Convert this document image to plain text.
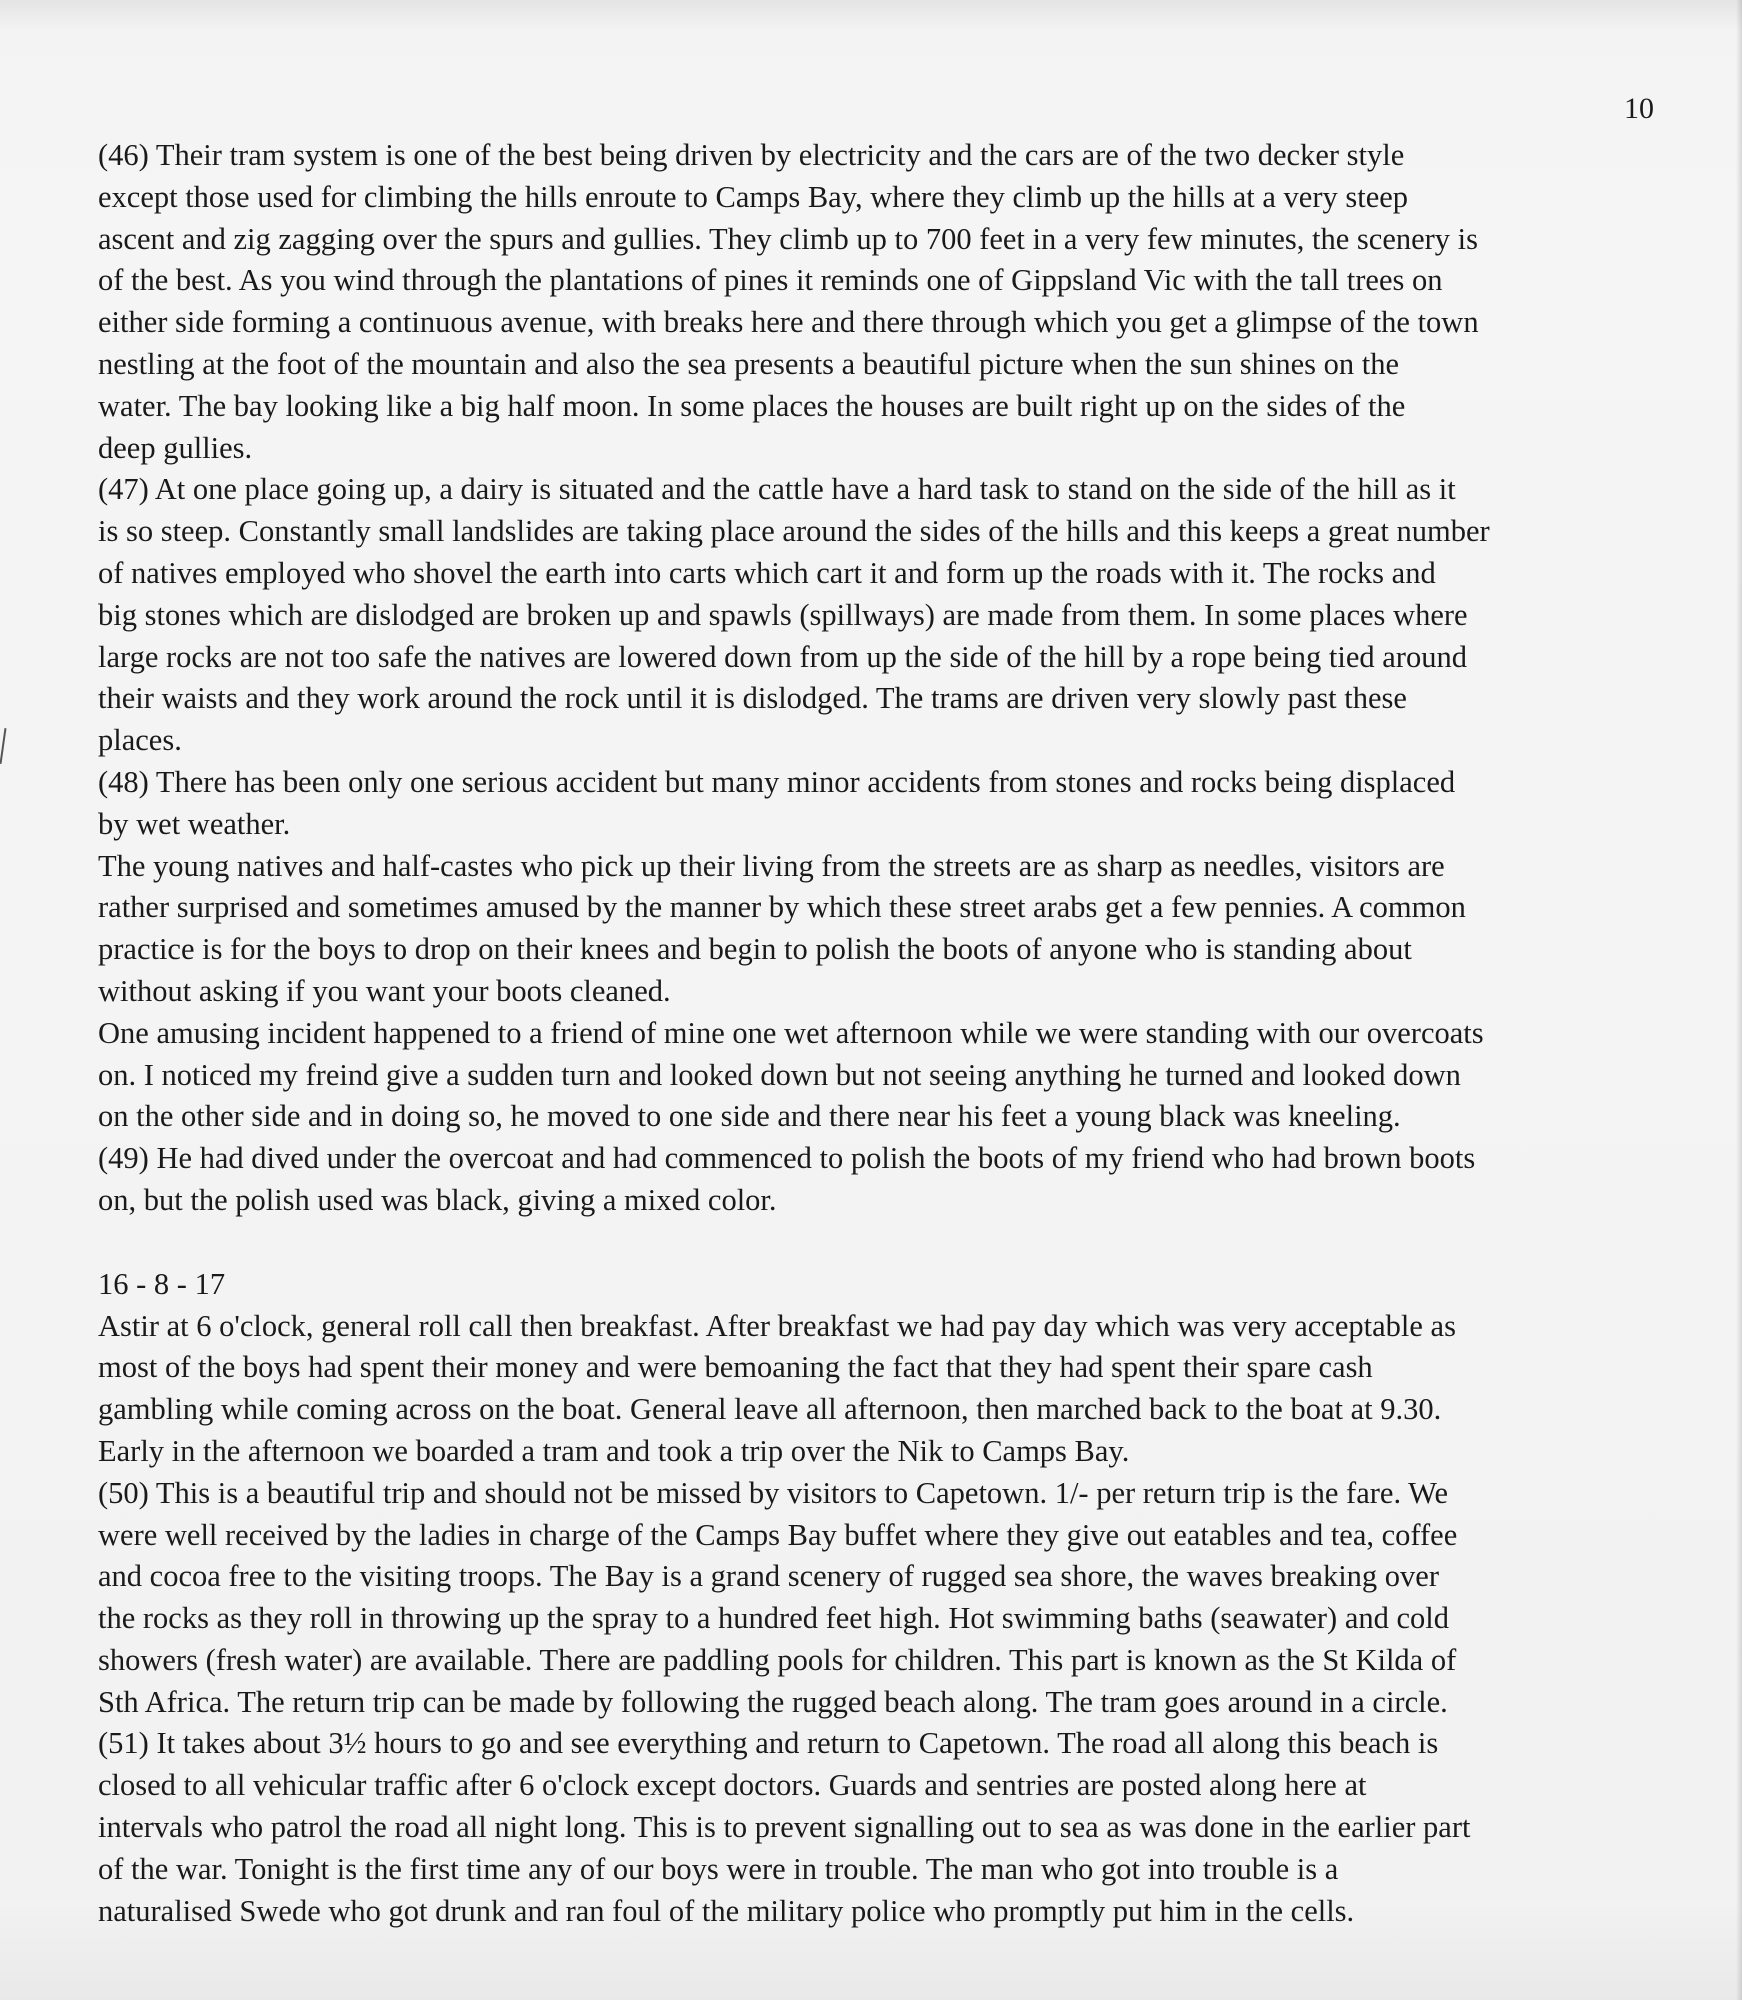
10
(46) Their tram system is one of the best being driven by electricity and the cars are of the two decker style
except those used for climbing the hills enroute to Camps Bay, where they climb up the hills at a very steep
ascent and zig zagging over the spurs and gullies. They climb up to 700 feet in a very few minutes, the scenery is
of the best. As you wind through the plantations of pines it reminds one of Gippsland Vic with the tall trees on
either side forming a continuous avenue, with breaks here and there through which you get a glimpse of the town
nestling at the foot of the mountain and also the sea presents a beautiful picture when the sun shines on the
water. The bay looking like a big half moon. In some places the houses are built right up on the sides of the
deep gullies.
(47) At one place going up, a dairy is situated and the cattle have a hard task to stand on the side of the hill as it
is so steep. Constantly small landslides are taking place around the sides of the hills and this keeps a great number
of natives employed who shovel the earth into carts which cart it and form up the roads with it. The rocks and
big stones which are dislodged are broken up and spawls (spillways) are made from them. In some places where
large rocks are not too safe the natives are lowered down from up the side of the hill by a rope being tied around
their waists and they work around the rock until it is dislodged. The trams are driven very slowly past these
places.
(48) There has been only one serious accident but many minor accidents from stones and rocks being displaced
by wet weather.
The young natives and half-castes who pick up their living from the streets are as sharp as needles, visitors are
rather surprised and sometimes amused by the manner by which these street arabs get a few pennies. A common
practice is for the boys to drop on their knees and begin to polish the boots of anyone who is standing about
without asking if you want your boots cleaned.
One amusing incident happened to a friend of mine one wet afternoon while we were standing with our overcoats
on. I noticed my freind give a sudden turn and looked down but not seeing anything he turned and looked down
on the other side and in doing so, he moved to one side and there near his feet a young black was kneeling.
(49) He had dived under the overcoat and had commenced to polish the boots of my friend who had brown boots
on, but the polish used was black, giving a mixed color.
16 - 8 - 17
Astir at 6 o'clock, general roll call then breakfast. After breakfast we had pay day which was very acceptable as
most of the boys had spent their money and were bemoaning the fact that they had spent their spare cash
gambling while coming across on the boat. General leave all afternoon, then marched back to the boat at 9.30.
Early in the afternoon we boarded a tram and took a trip over the Nik to Camps Bay.
(50) This is a beautiful trip and should not be missed by visitors to Capetown. 1/- per return trip is the fare. We
were well received by the ladies in charge of the Camps Bay buffet where they give out eatables and tea, coffee
and cocoa free to the visiting troops. The Bay is a grand scenery of rugged sea shore, the waves breaking over
the rocks as they roll in throwing up the spray to a hundred feet high. Hot swimming baths (seawater) and cold
showers (fresh water) are available. There are paddling pools for children. This part is known as the St Kilda of
Sth Africa. The return trip can be made by following the rugged beach along. The tram goes around in a circle.
(51) It takes about 3½ hours to go and see everything and return to Capetown. The road all along this beach is
closed to all vehicular traffic after 6 o'clock except doctors. Guards and sentries are posted along here at
intervals who patrol the road all night long. This is to prevent signalling out to sea as was done in the earlier part
of the war. Tonight is the first time any of our boys were in trouble. The man who got into trouble is a
naturalised Swede who got drunk and ran foul of the military police who promptly put him in the cells.
